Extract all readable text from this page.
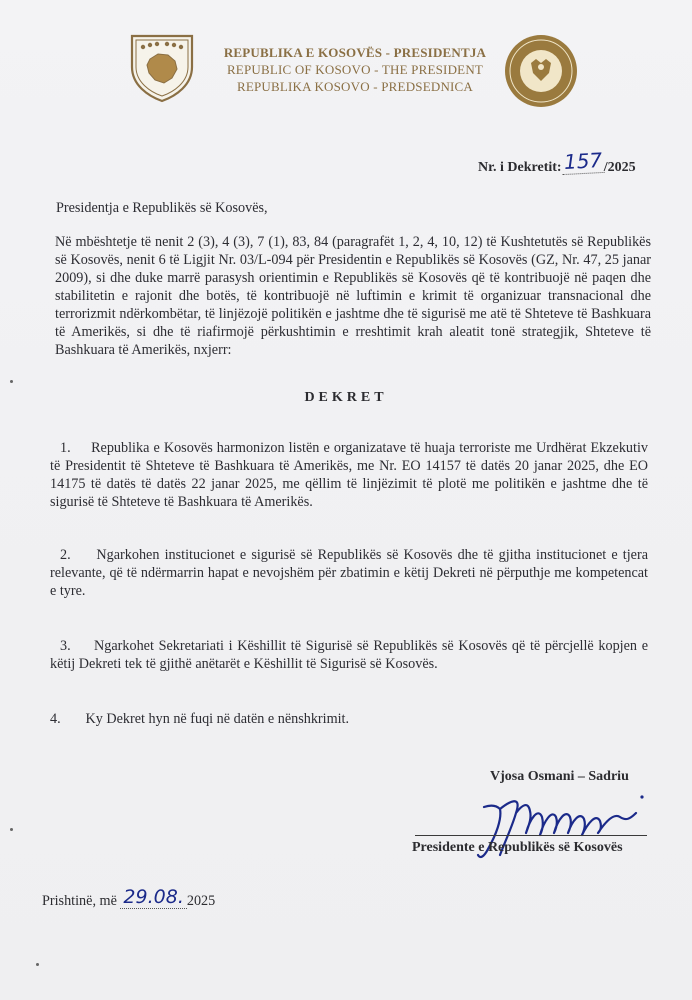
REPUBLIKA E KOSOVËS - PRESIDENTJA
REPUBLIC OF KOSOVO - THE PRESIDENT
REPUBLIKA KOSOVO - PREDSEDNICA
Nr. i Dekretit:157/2025
Presidentja e Republikës së Kosovës,

Në mbështetje të nenit 2 (3), 4 (3), 7 (1), 83, 84 (paragrafët 1, 2, 4, 10, 12) të Kushtetutës së Republikës së Kosovës, nenit 6 të Ligjit Nr. 03/L-094 për Presidentin e Republikës së Kosovës (GZ, Nr. 47, 25 janar 2009), si dhe duke marrë parasysh orientimin e Republikës së Kosovës që të kontribuojë në paqen dhe stabilitetin e rajonit dhe botës, të kontribuojë në luftimin e krimit të organizuar transnacional dhe terrorizmit ndërkombëtar, të linjëzojë politikën e jashtme dhe të sigurisë me atë të Shteteve të Bashkuara të Amerikës, si dhe të riafirmojë përkushtimin e rreshtimit krah aleatit tonë strategjik, Shteteve të Bashkuara të Amerikës, nxjerr:

DEKRET

1. Republika e Kosovës harmonizon listën e organizatave të huaja terroriste me Urdhërat Ekzekutiv të Presidentit të Shteteve të Bashkuara të Amerikës, me Nr. EO 14157 të datës 20 janar 2025, dhe EO 14175 të datës të datës 22 janar 2025, me qëllim të linjëzimit të plotë me politikën e jashtme dhe të sigurisë të Shteteve të Bashkuara të Amerikës.

2. Ngarkohen institucionet e sigurisë së Republikës së Kosovës dhe të gjitha institucionet e tjera relevante, që të ndërmarrin hapat e nevojshëm për zbatimin e këtij Dekreti në përputhje me kompetencat e tyre.

3. Ngarkohet Sekretariati i Këshillit të Sigurisë së Republikës së Kosovës që të përcjellë kopjen e këtij Dekreti tek të gjithë anëtarët e Këshillit të Sigurisë së Kosovës.

4. Ky Dekret hyn në fuqi në datën e nënshkrimit.

Vjosa Osmani – Sadriu
Presidente e Republikës së Kosovës
Prishtinë, më 29.08. 2025
